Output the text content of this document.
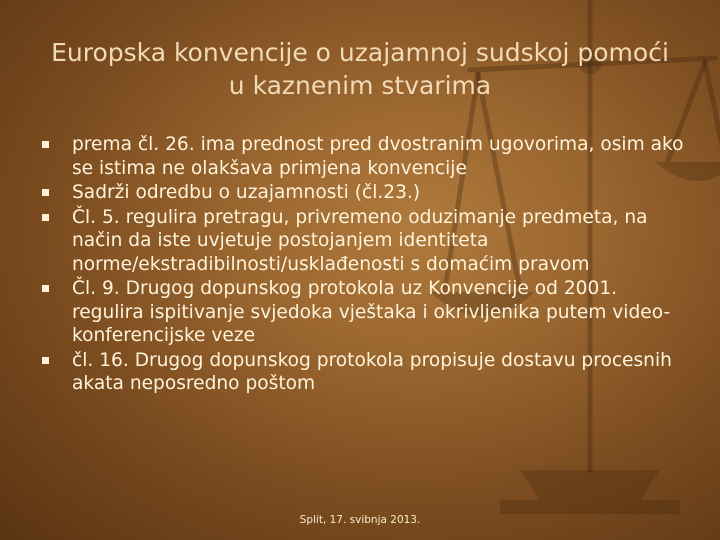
Europska konvencije o uzajamnoj sudskoj pomoći
u kaznenim stvarima
prema čl. 26. ima prednost pred dvostranim ugovorima, osim ako se istima ne olakšava primjena konvencije
Sadrži odredbu o uzajamnosti (čl.23.)
Čl. 5. regulira pretragu, privremeno oduzimanje predmeta, na način da iste uvjetuje postojanjem identiteta norme/ekstradibilnosti/usklađenosti s domaćim pravom
Čl. 9. Drugog dopunskog protokola uz Konvencije od 2001. regulira ispitivanje svjedoka vještaka i okrivljenika putem video-konferencijske veze
čl. 16. Drugog dopunskog protokola propisuje dostavu procesnih akata neposredno poštom
Split, 17. svibnja 2013.
